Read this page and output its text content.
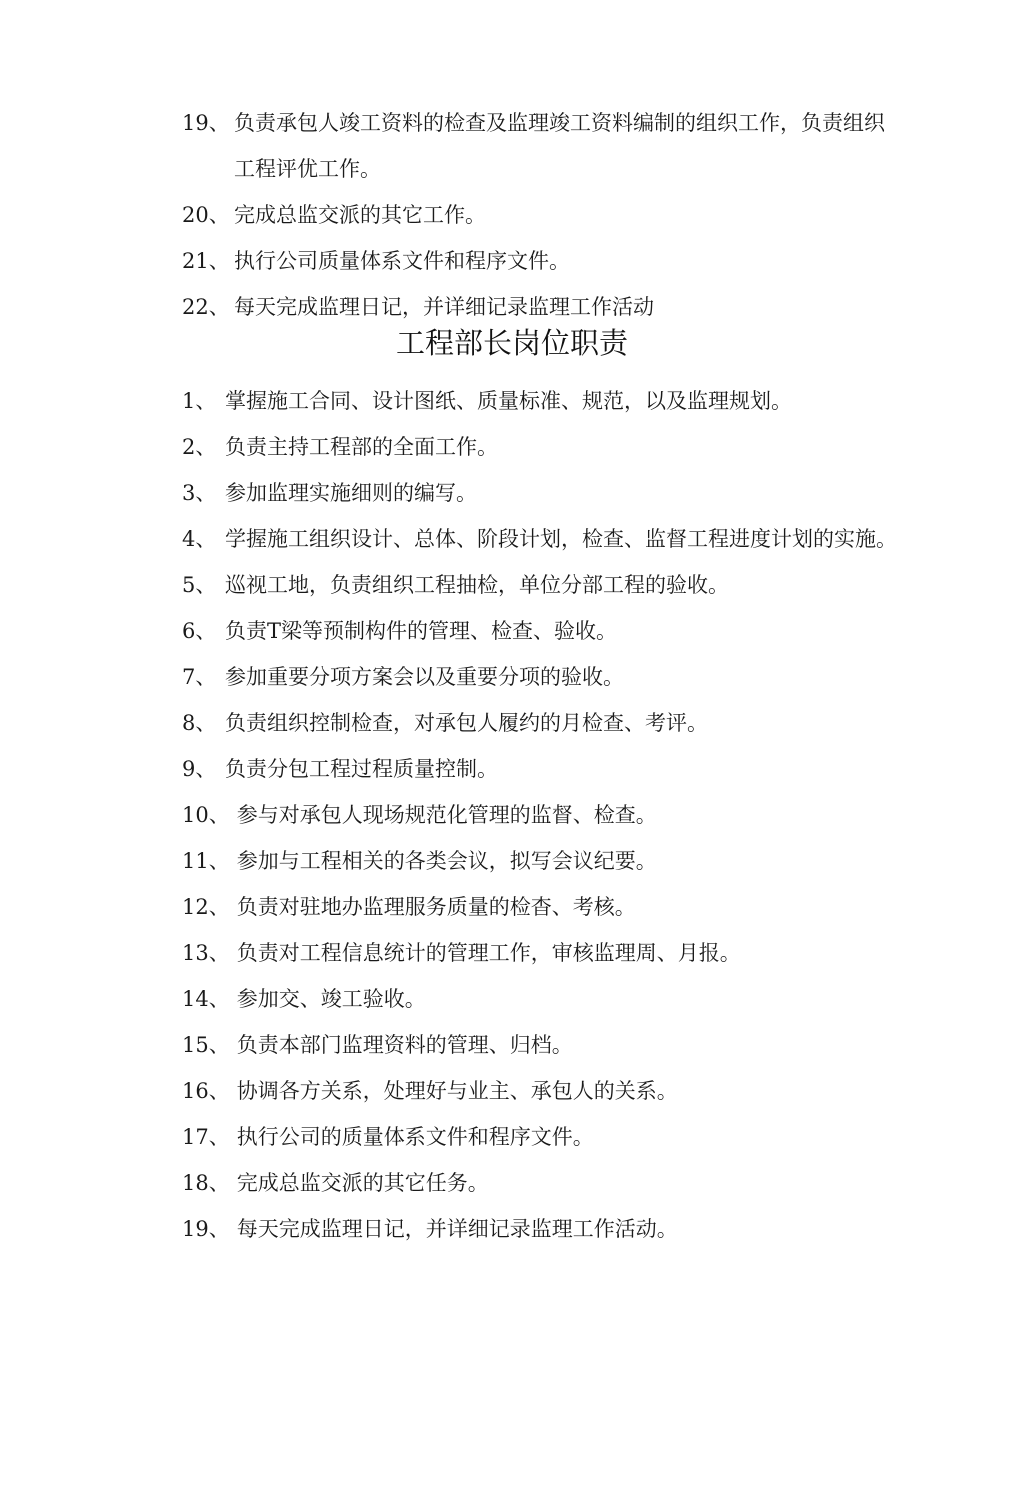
19、 负责承包人竣工资料的检查及监理竣工资料编制的组织工作，负责组织工程评优工作。
20、 完成总监交派的其它工作。
21、 执行公司质量体系文件和程序文件。
22、 每天完成监理日记，并详细记录监理工作活动
工程部长岗位职责
1、 掌握施工合同、设计图纸、质量标准、规范，以及监理规划。
2、 负责主持工程部的全面工作。
3、 参加监理实施细则的编写。
4、 学握施工组织设计、总体、阶段计划，检查、监督工程进度计划的实施。
5、 巡视工地，负责组织工程抽检，单位分部工程的验收。
6、 负责T梁等预制构件的管理、检查、验收。
7、 参加重要分项方案会以及重要分项的验收。
8、 负责组织控制检查，对承包人履约的月检查、考评。
9、 负责分包工程过程质量控制。
10、 参与对承包人现场规范化管理的监督、检查。
11、 参加与工程相关的各类会议，拟写会议纪要。
12、 负责对驻地办监理服务质量的检杳、考核。
13、 负责对工程信息统计的管理工作，审核监理周、月报。
14、 参加交、竣工验收。
15、 负责本部门监理资料的管理、归档。
16、 协调各方关系，处理好与业主、承包人的关系。
17、 执行公司的质量体系文件和程序文件。
18、 完成总监交派的其它任务。
19、 每天完成监理日记，并详细记录监理工作活动。
